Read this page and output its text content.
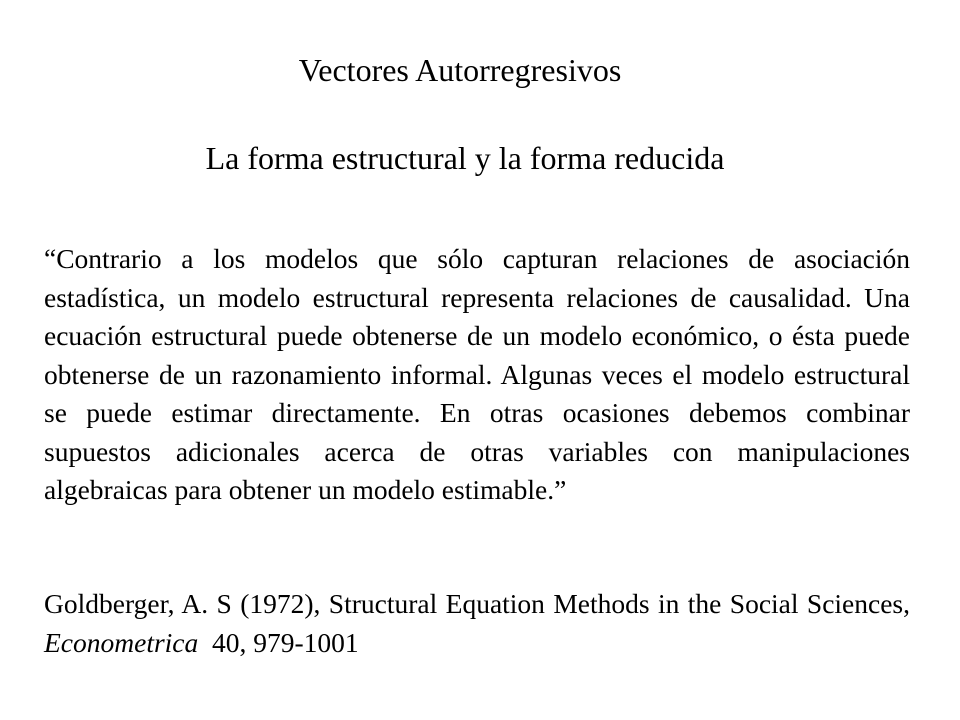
Vectores Autorregresivos
La forma estructural y la forma reducida

“Contrario a los modelos que sólo capturan relaciones de asociación estadística, un modelo estructural representa relaciones de causalidad. Una ecuación estructural puede obtenerse de un modelo económico, o ésta puede obtenerse de un razonamiento informal. Algunas veces el modelo estructural se puede estimar directamente. En otras ocasiones debemos combinar supuestos adicionales acerca de otras variables con manipulaciones algebraicas para obtener un modelo estimable.”

Goldberger, A. S (1972), Structural Equation Methods in the Social Sciences, Econometrica  40, 979-1001
